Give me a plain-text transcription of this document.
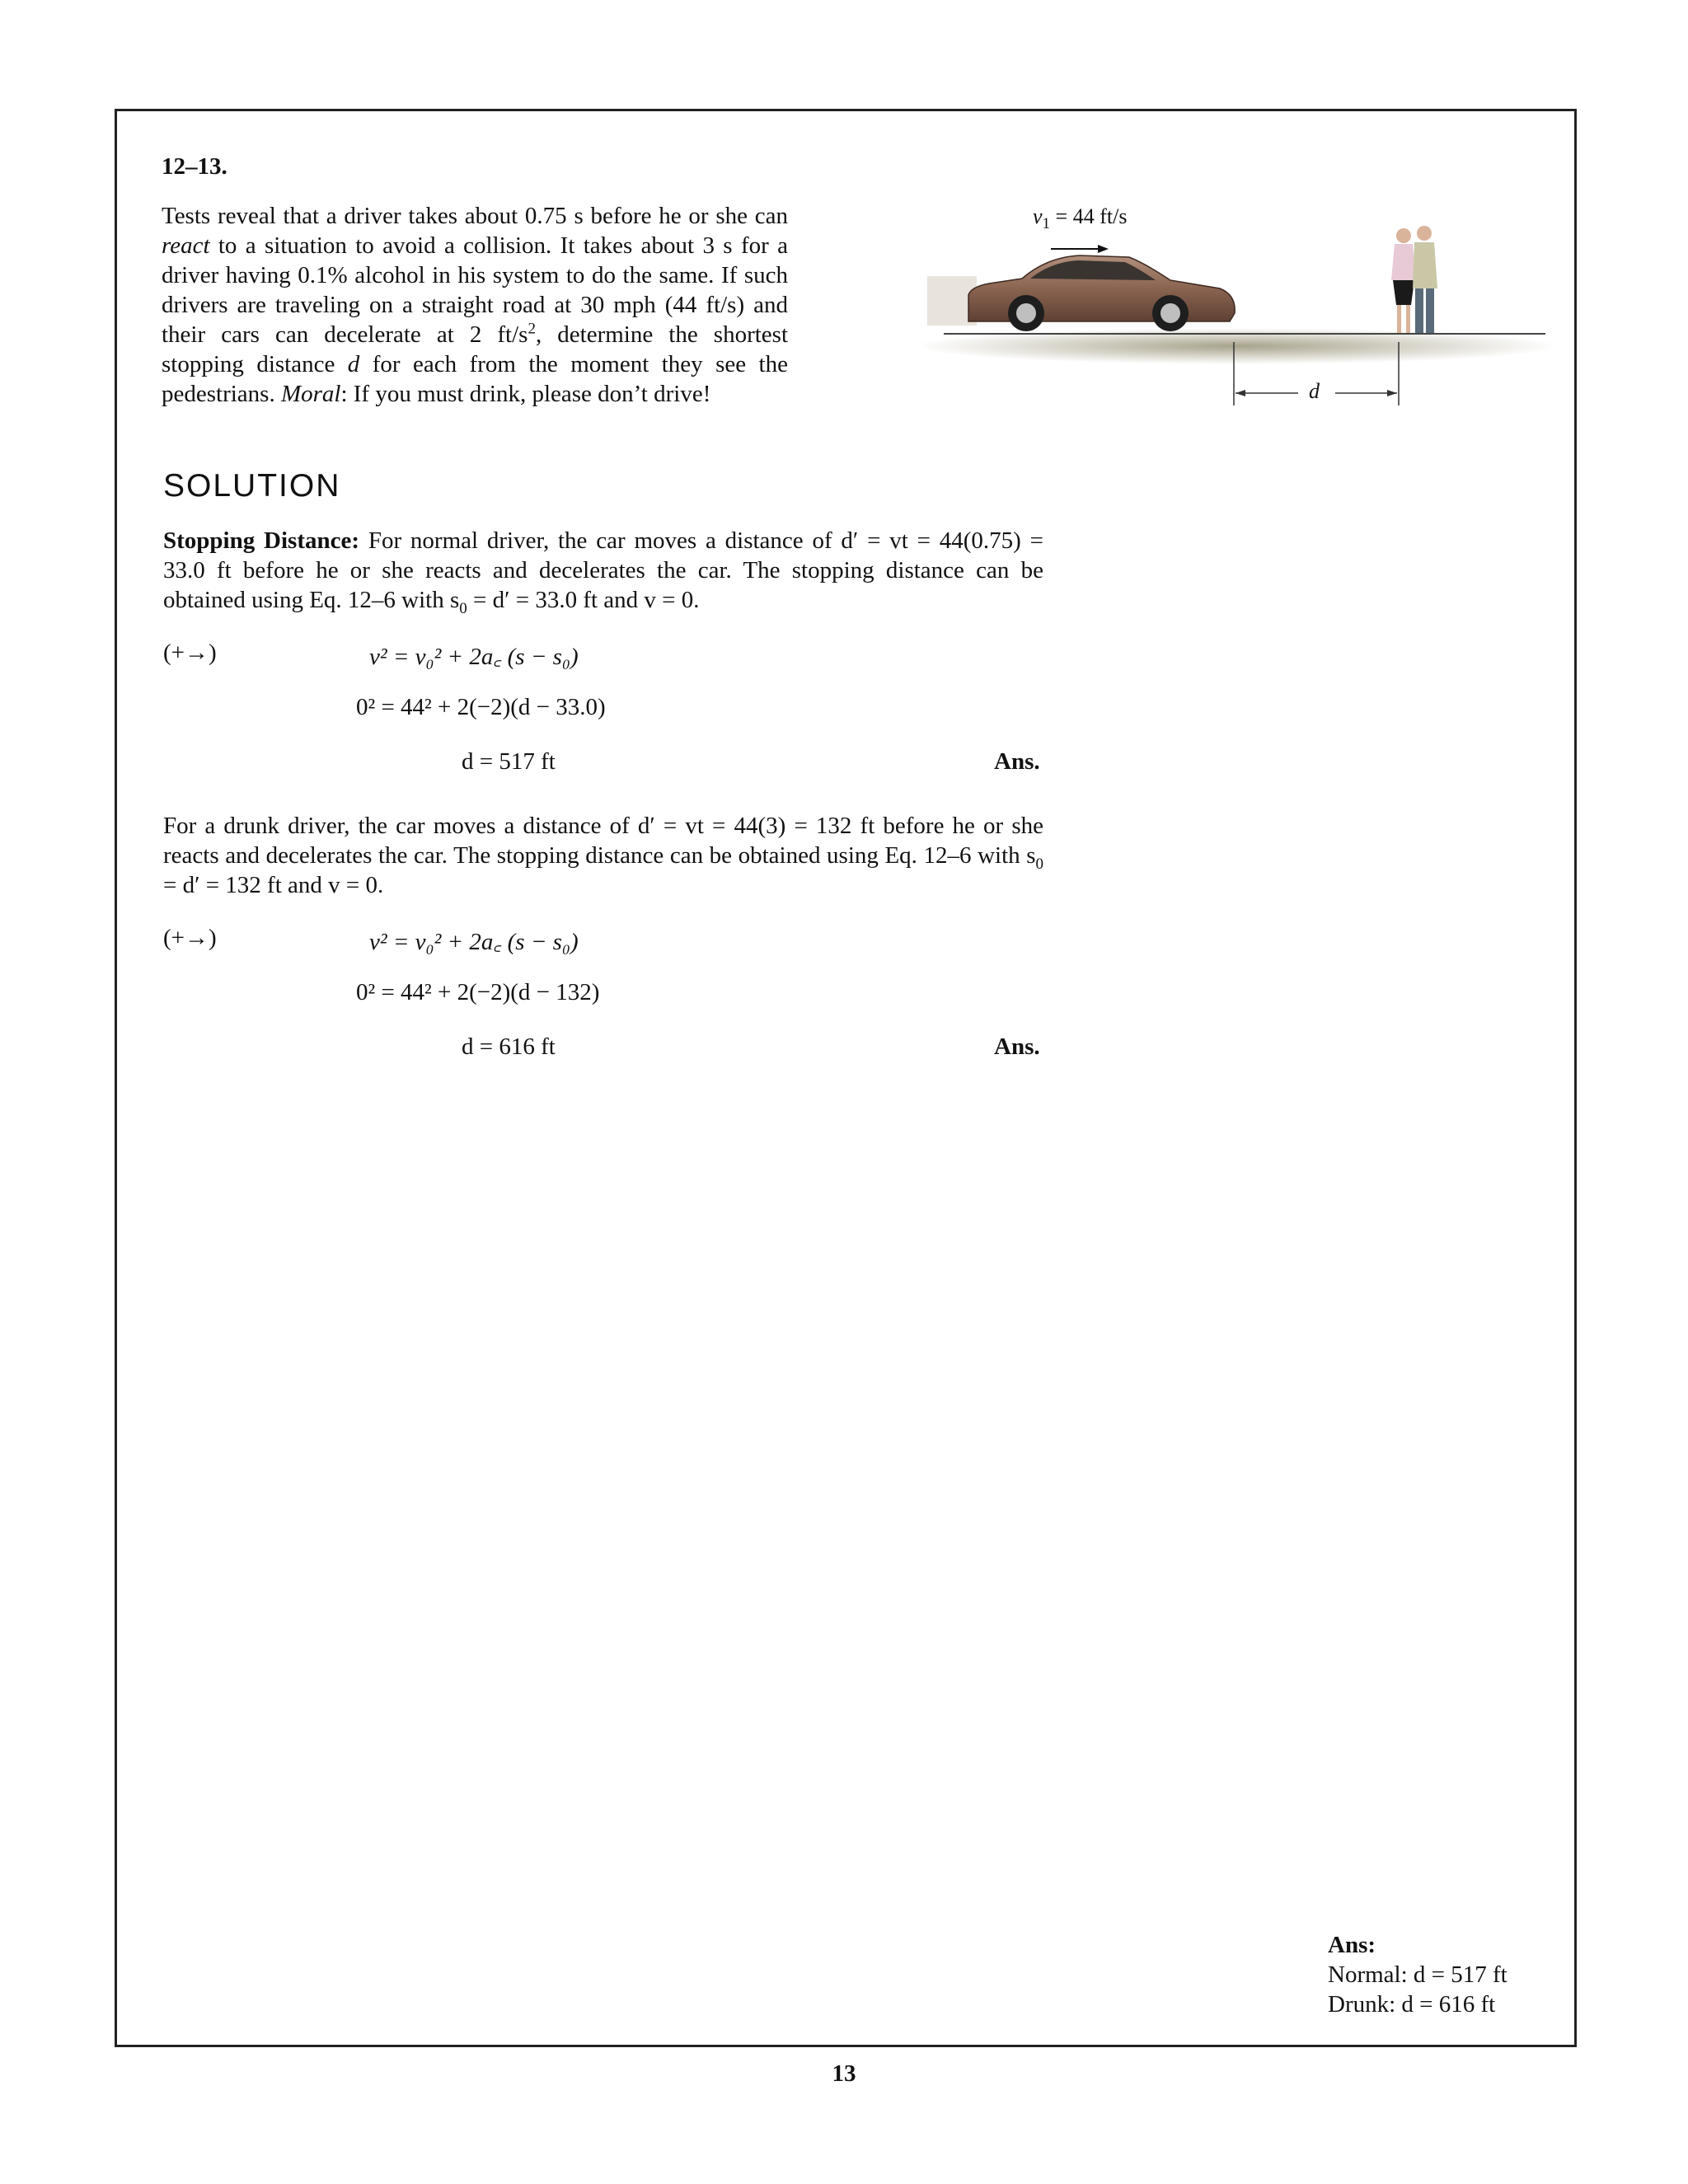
12–13.
Tests reveal that a driver takes about 0.75 s before he or she can react to a situation to avoid a collision. It takes about 3 s for a driver having 0.1% alcohol in his system to do the same. If such drivers are traveling on a straight road at 30 mph (44 ft/s) and their cars can decelerate at 2 $ft/s^2$, determine the shortest stopping distance d for each from the moment they see the pedestrians. Moral: If you must drink, please don’t drive!
$v_1 = 44$ ft/s
d
SOLUTION
Stopping Distance: For normal driver, the car moves a distance of d′ = vt = 44(0.75) = 33.0 ft before he or she reacts and decelerates the car. The stopping distance can be obtained using Eq. 12–6 with $s_0 = d' = 33.0$ ft and v = 0.
(+→)	v² = v₀² + 2a꜀ (s − s₀)
0² = 44² + 2(−2)(d − 33.0)
d = 517 ft	Ans.
For a drunk driver, the car moves a distance of d′ = vt = 44(3) = 132 ft before he or she reacts and decelerates the car. The stopping distance can be obtained using Eq. 12–6 with $s_0 = d' = 132$ ft and v = 0.
(+→)	v² = v₀² + 2a꜀ (s − s₀)
0² = 44² + 2(−2)(d − 132)
d = 616 ft	Ans.
Ans:
Normal: d = 517 ft
Drunk: d = 616 ft
13
